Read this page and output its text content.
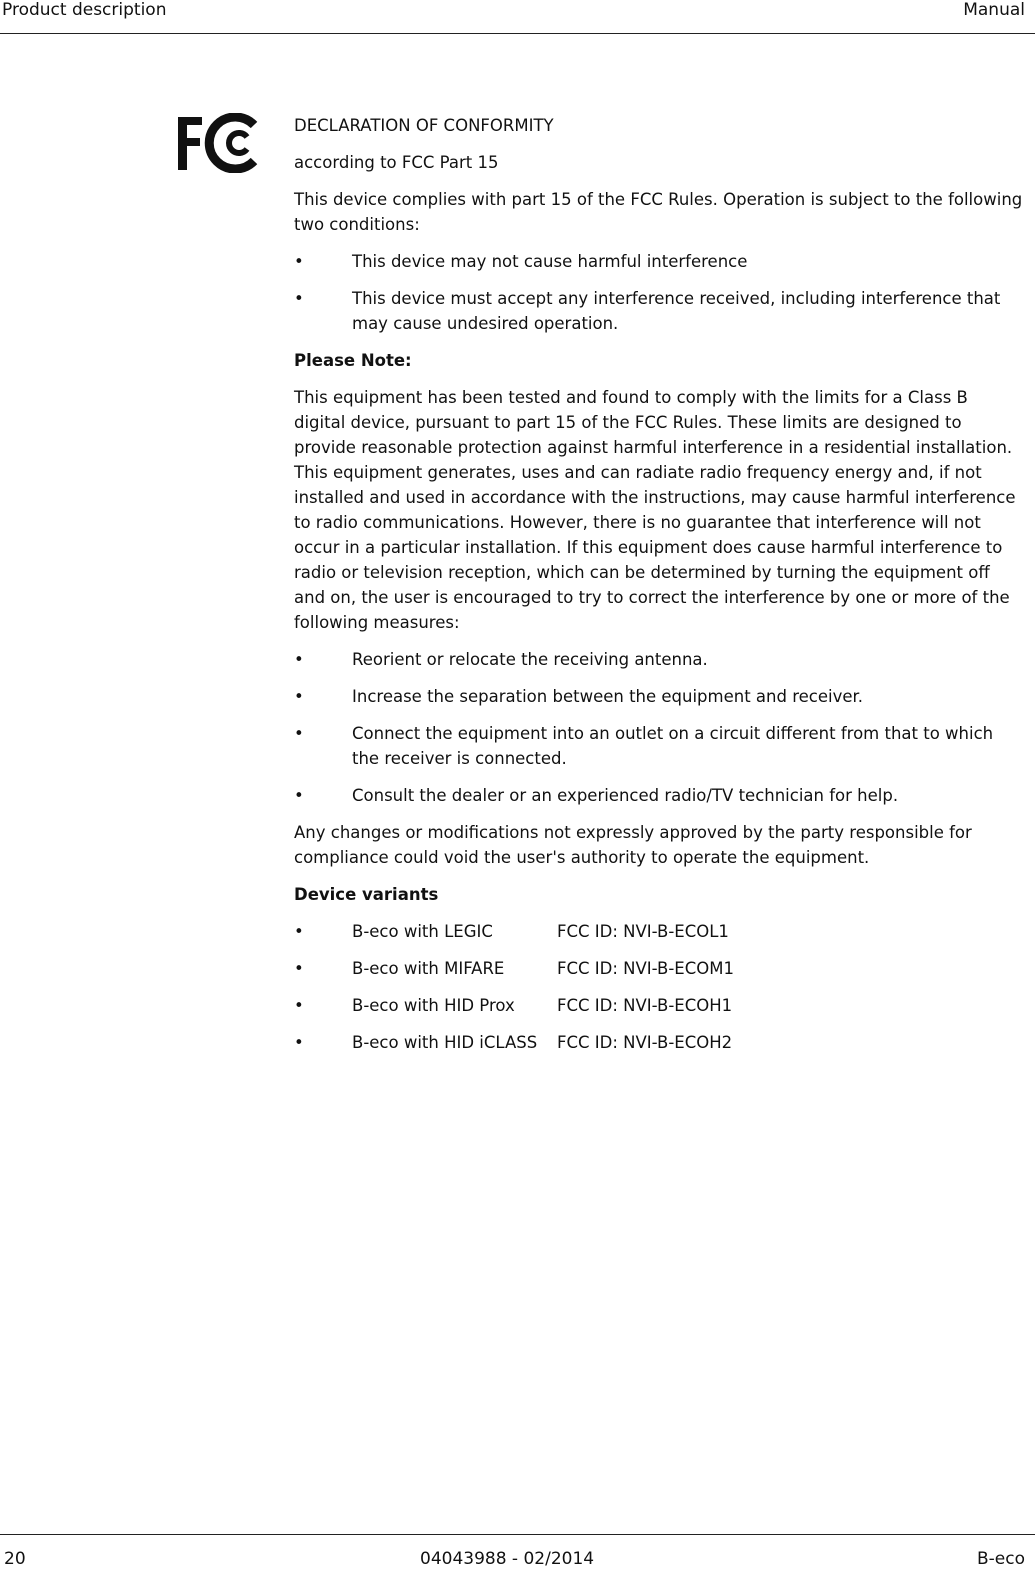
Product description	Manual

DECLARATION OF CONFORMITY

according to FCC Part 15

This device complies with part 15 of the FCC Rules. Operation is subject to the following two conditions:

•	This device may not cause harmful interference
•	This device must accept any interference received, including interference that may cause undesired operation.

Please Note:

This equipment has been tested and found to comply with the limits for a Class B digital device, pursuant to part 15 of the FCC Rules. These limits are designed to provide reasonable protection against harmful interference in a residential installation. This equipment generates, uses and can radiate radio frequency energy and, if not installed and used in accordance with the instructions, may cause harmful interference to radio communications. However, there is no guarantee that interference will not occur in a particular installation. If this equipment does cause harmful interference to radio or television reception, which can be determined by turning the equipment off and on, the user is encouraged to try to correct the interference by one or more of the following measures:

•	Reorient or relocate the receiving antenna.
•	Increase the separation between the equipment and receiver.
•	Connect the equipment into an outlet on a circuit different from that to which the receiver is connected.
•	Consult the dealer or an experienced radio/TV technician for help.

Any changes or modifications not expressly approved by the party responsible for compliance could void the user's authority to operate the equipment.

Device variants

•	B-eco with LEGIC	FCC ID: NVI-B-ECOL1
•	B-eco with MIFARE	FCC ID: NVI-B-ECOM1
•	B-eco with HID Prox	FCC ID: NVI-B-ECOH1
•	B-eco with HID iCLASS FCC ID: NVI-B-ECOH2
20	04043988 - 02/2014	B-eco
